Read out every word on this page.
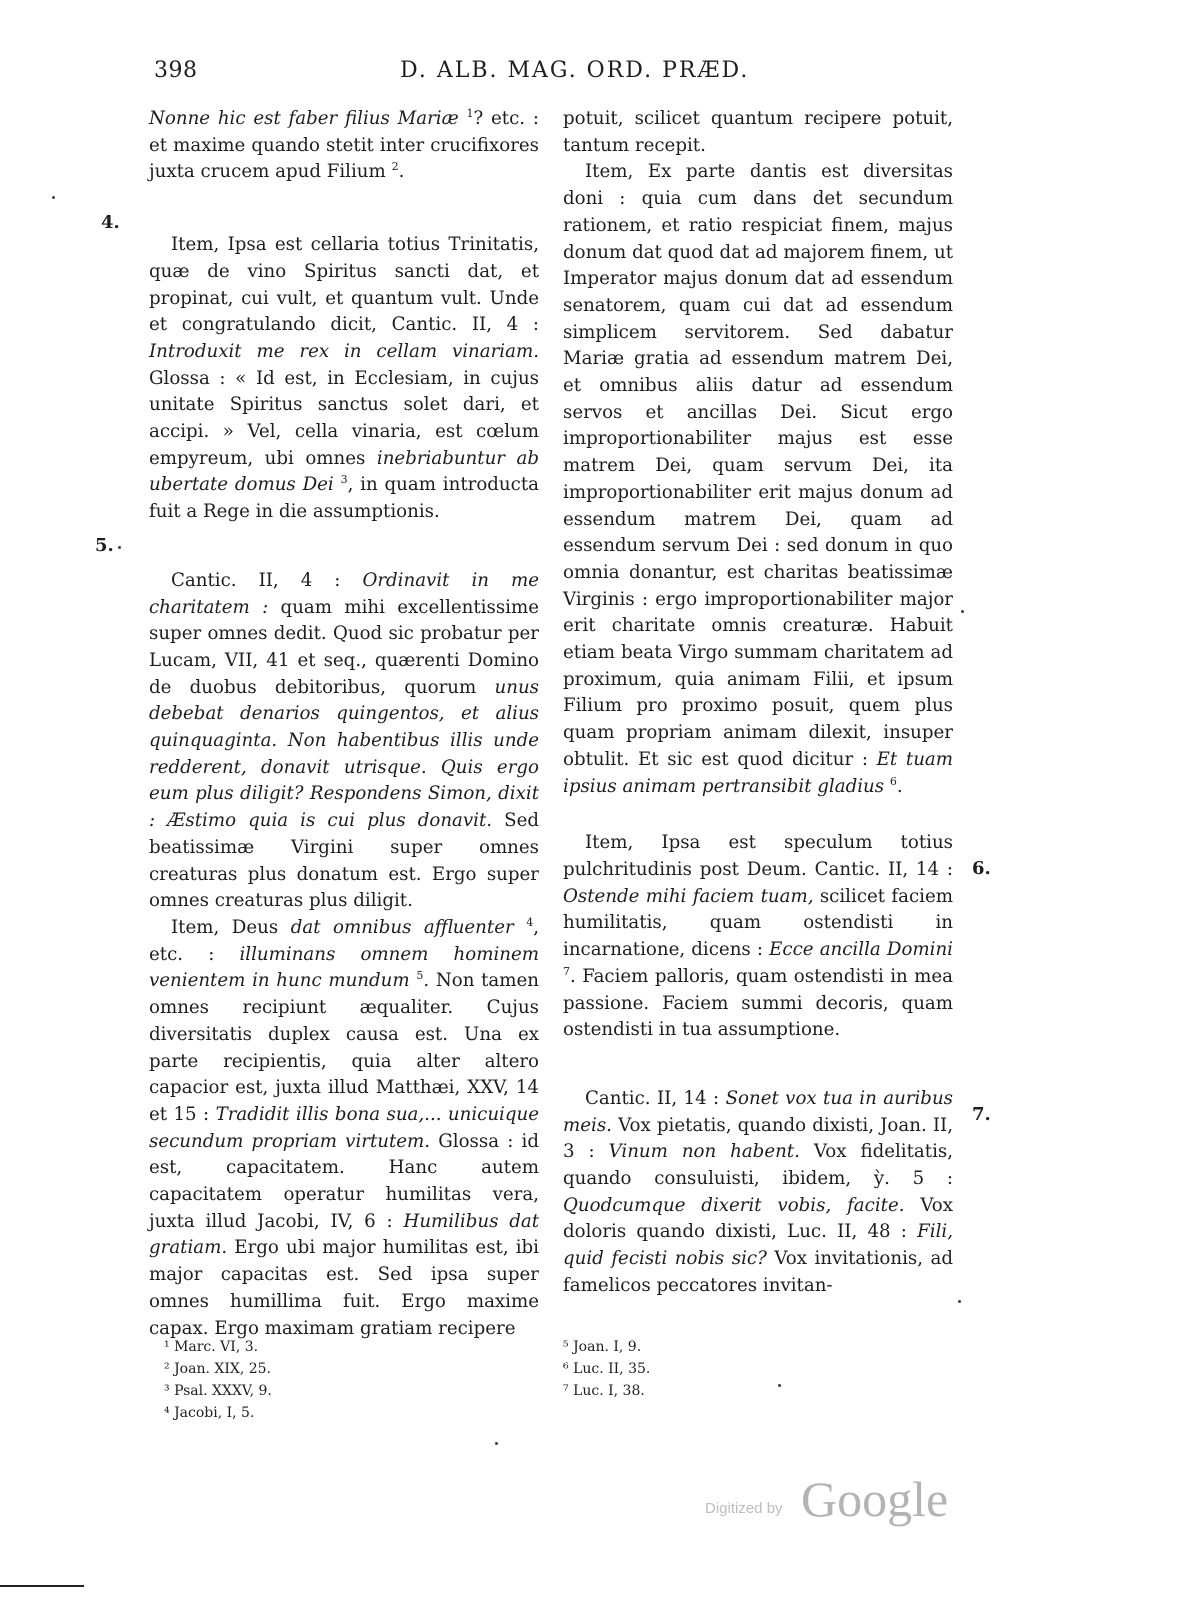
398	D. ALB. MAG. ORD. PRÆD.
4.
5.
6.
7.

Nonne hic est faber filius Mariæ $^1$? etc. : et maxime quando stetit inter crucifixores juxta crucem apud Filium $^2$.

Item, Ipsa est cellaria totius Trinitatis, quæ de vino Spiritus sancti dat, et propinat, cui vult, et quantum vult. Unde et congratulando dicit, Cantic. II, 4 : Introduxit me rex in cellam vinariam. Glossa : « Id est, in Ecclesiam, in cujus unitate Spiritus sanctus solet dari, et accipi. » Vel, cella vinaria, est cœlum empyreum, ubi omnes inebriabuntur ab ubertate domus Dei $^3$, in quam introducta fuit a Rege in die assumptionis.

Cantic. II, 4 : Ordinavit in me charitatem : quam mihi excellentissime super omnes dedit. Quod sic probatur per Lucam, VII, 41 et seq., quærenti Domino de duobus debitoribus, quorum unus debebat denarios quingentos, et alius quinquaginta. Non habentibus illis unde redderent, donavit utrisque. Quis ergo eum plus diligit? Respondens Simon, dixit : Æstimo quia is cui plus donavit. Sed beatissimæ Virgini super omnes creaturas plus donatum est. Ergo super omnes creaturas plus diligit.

Item, Deus dat omnibus affluenter $^4$, etc. : illuminans omnem hominem venientem in hunc mundum $^5$. Non tamen omnes recipiunt æqualiter. Cujus diversitatis duplex causa est. Una ex parte recipientis, quia alter altero capacior est, juxta illud Matthæi, XXV, 14 et 15 : Tradidit illis bona sua,... unicuique secundum propriam virtutem. Glossa : id est, capacitatem. Hanc autem capacitatem operatur humilitas vera, juxta illud Jacobi, IV, 6 : Humilibus dat gratiam. Ergo ubi major humilitas est, ibi major capacitas est. Sed ipsa super omnes humillima fuit. Ergo maxime capax. Ergo maximam gratiam recipere

potuit, scilicet quantum recipere potuit, tantum recepit.

Item, Ex parte dantis est diversitas doni : quia cum dans det secundum rationem, et ratio respiciat finem, majus donum dat quod dat ad majorem finem, ut Imperator majus donum dat ad essendum senatorem, quam cui dat ad essendum simplicem servitorem. Sed dabatur Mariæ gratia ad essendum matrem Dei, et omnibus aliis datur ad essendum servos et ancillas Dei. Sicut ergo improportionabiliter majus est esse matrem Dei, quam servum Dei, ita improportionabiliter erit majus donum ad essendum matrem Dei, quam ad essendum servum Dei : sed donum in quo omnia donantur, est charitas beatissimæ Virginis : ergo improportionabiliter major erit charitate omnis creaturæ. Habuit etiam beata Virgo summam charitatem ad proximum, quia animam Filii, et ipsum Filium pro proximo posuit, quem plus quam propriam animam dilexit, insuper obtulit. Et sic est quod dicitur : Et tuam ipsius animam pertransibit gladius $^6$.

Item, Ipsa est speculum totius pulchritudinis post Deum. Cantic. II, 14 : Ostende mihi faciem tuam, scilicet faciem humilitatis, quam ostendisti in incarnatione, dicens : Ecce ancilla Domini $^7$. Faciem palloris, quam ostendisti in mea passione. Faciem summi decoris, quam ostendisti in tua assumptione.

Cantic. II, 14 : Sonet vox tua in auribus meis. Vox pietatis, quando dixisti, Joan. II, 3 : Vinum non habent. Vox fidelitatis, quando consuluisti, ibidem, ỳ. 5 : Quodcumque dixerit vobis, facite. Vox doloris quando dixisti, Luc. II, 48 : Fili, quid fecisti nobis sic? Vox invitationis, ad famelicos peccatores invitan-

¹ Marc. VI, 3.
² Joan. XIX, 25.
³ Psal. XXXV, 9.
⁴ Jacobi, I, 5.
⁵ Joan. I, 9.
⁶ Luc. II, 35.
⁷ Luc. I, 38.
Digitized by Google
